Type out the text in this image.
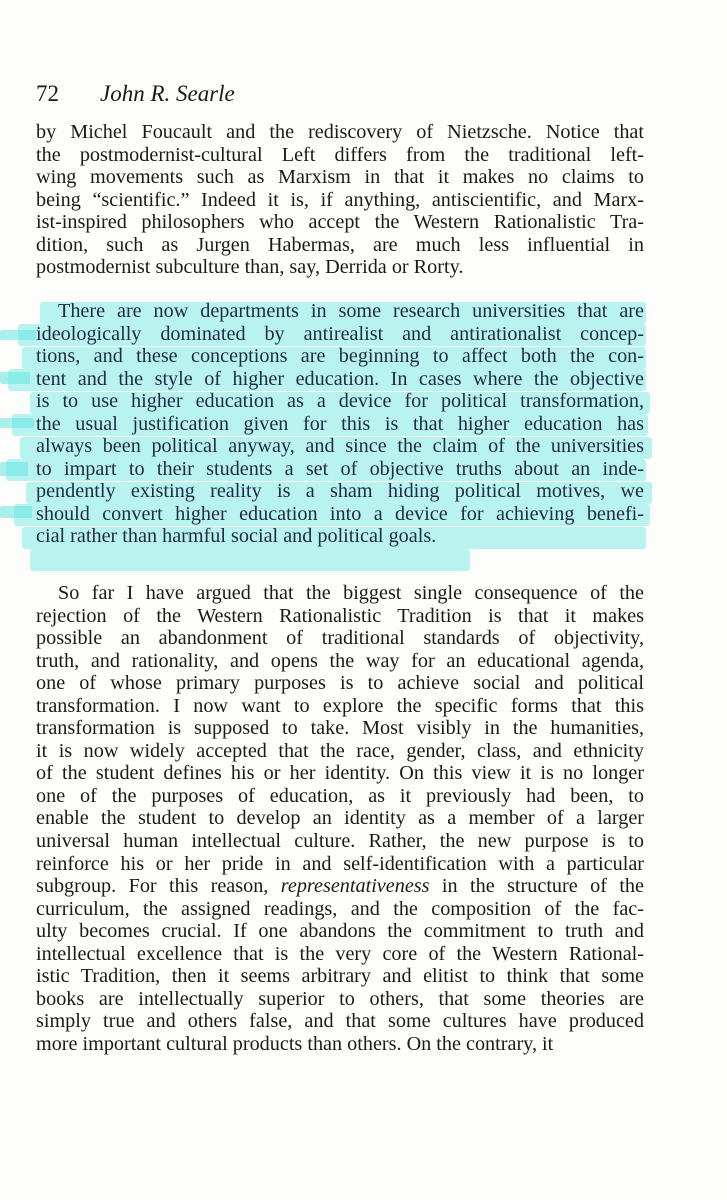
72 John R. Searle
by Michel Foucault and the rediscovery of Nietzsche. Notice that
the postmodernist-cultural Left differs from the traditional left-
wing movements such as Marxism in that it makes no claims to
being “scientific.” Indeed it is, if anything, antiscientific, and Marx-
ist-inspired philosophers who accept the Western Rationalistic Tra-
dition, such as Jurgen Habermas, are much less influential in
postmodernist subculture than, say, Derrida or Rorty.
There are now departments in some research universities that are
ideologically dominated by antirealist and antirationalist concep-
tions, and these conceptions are beginning to affect both the con-
tent and the style of higher education. In cases where the objective
is to use higher education as a device for political transformation,
the usual justification given for this is that higher education has
always been political anyway, and since the claim of the universities
to impart to their students a set of objective truths about an inde-
pendently existing reality is a sham hiding political motives, we
should convert higher education into a device for achieving benefi-
cial rather than harmful social and political goals.
So far I have argued that the biggest single consequence of the
rejection of the Western Rationalistic Tradition is that it makes
possible an abandonment of traditional standards of objectivity,
truth, and rationality, and opens the way for an educational agenda,
one of whose primary purposes is to achieve social and political
transformation. I now want to explore the specific forms that this
transformation is supposed to take. Most visibly in the humanities,
it is now widely accepted that the race, gender, class, and ethnicity
of the student defines his or her identity. On this view it is no longer
one of the purposes of education, as it previously had been, to
enable the student to develop an identity as a member of a larger
universal human intellectual culture. Rather, the new purpose is to
reinforce his or her pride in and self-identification with a particular
subgroup. For this reason, representativeness in the structure of the
curriculum, the assigned readings, and the composition of the fac-
ulty becomes crucial. If one abandons the commitment to truth and
intellectual excellence that is the very core of the Western Rational-
istic Tradition, then it seems arbitrary and elitist to think that some
books are intellectually superior to others, that some theories are
simply true and others false, and that some cultures have produced
more important cultural products than others. On the contrary, it
